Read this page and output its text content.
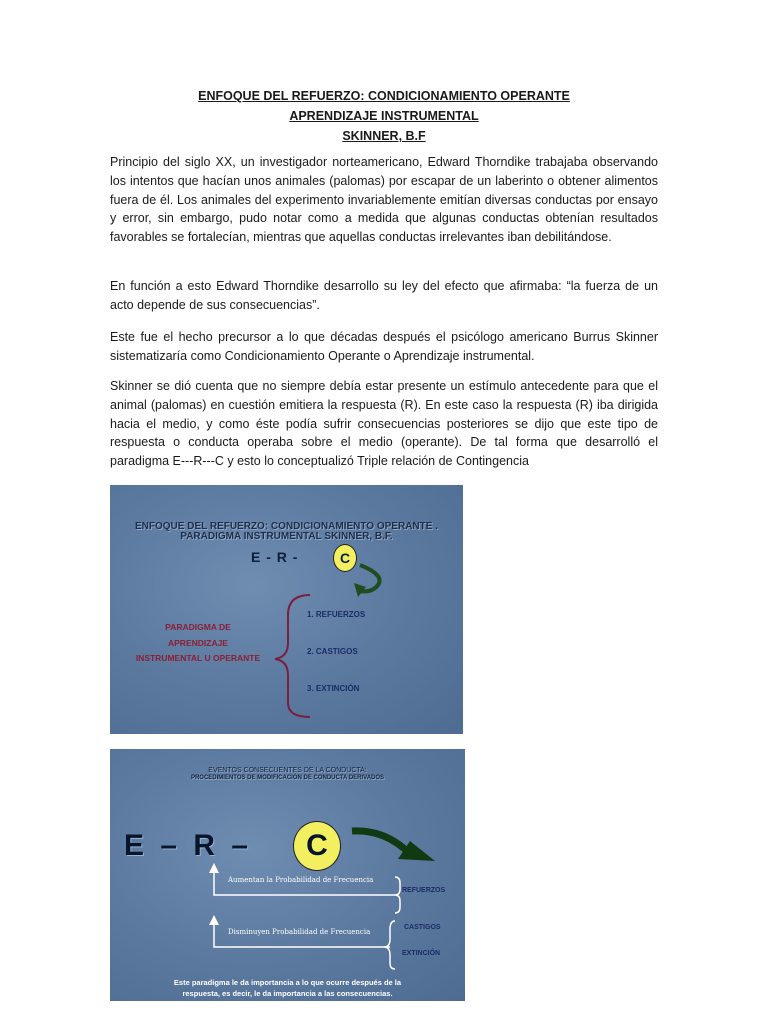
ENFOQUE DEL REFUERZO: CONDICIONAMIENTO OPERANTE
APRENDIZAJE INSTRUMENTAL
SKINNER, B.F

Principio del siglo XX, un investigador norteamericano, Edward Thorndike trabajaba observando los intentos que hacían unos animales (palomas) por escapar de un laberinto o obtener alimentos fuera de él. Los animales del experimento invariablemente emitían diversas conductas por ensayo y error, sin embargo, pudo notar como a medida que algunas conductas obtenían resultados favorables se fortalecían, mientras que aquellas conductas irrelevantes iban debilitándose.

En función a esto Edward Thorndike desarrollo su ley del efecto que afirmaba: “la fuerza de un acto depende de sus consecuencias”.

Este fue el hecho precursor a lo que décadas después el psicólogo americano Burrus Skinner sistematizaría como Condicionamiento Operante o Aprendizaje instrumental.

Skinner se dió cuenta que no siempre debía estar presente un estímulo antecedente para que el animal (palomas) en cuestión emitiera la respuesta (R). En este caso la respuesta (R) iba dirigida hacia el medio, y como éste podía sufrir consecuencias posteriores se dijo que este tipo de respuesta o conducta operaba sobre el medio (operante). De tal forma que desarrolló el paradigma E---R---C y esto lo conceptualizó Triple relación de Contingencia

ENFOQUE DEL REFUERZO: CONDICIONAMIENTO OPERANTE .
PARADIGMA INSTRUMENTAL SKINNER, B.F.
E - R -	C
PARADIGMA DE
APRENDIZAJE
INSTRUMENTAL U OPERANTE
1. REFUERZOS
2. CASTIGOS
3. EXTINCIÓN
EVENTOS CONSECUENTES DE LA CONDUCTA:
PROCEDIMIENTOS DE MODIFICACIÓN DE CONDUCTA DERIVADOS
E – R –	C
Aumentan la Probabilidad de Frecuencia
REFUERZOS
Disminuyen Probabilidad de Frecuencia
CASTIGOS
EXTINCIÓN
Este paradigma le da importancia a lo que ocurre después de la
respuesta, es decir, le da importancia a las consecuencias.
